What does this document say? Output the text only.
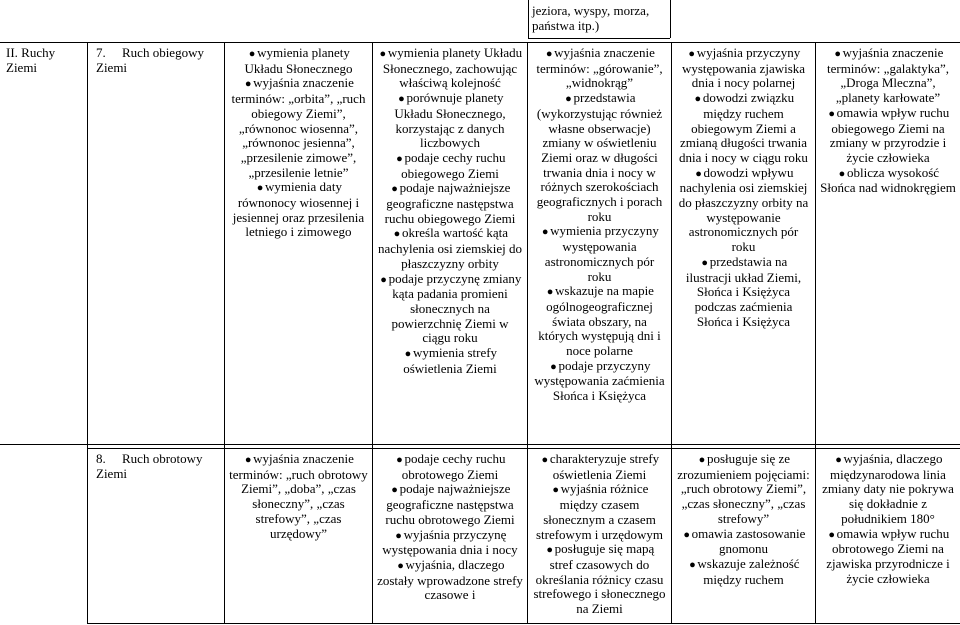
jeziora, wyspy, morza, państwa itp.)
II. Ruchy Ziemi
7. Ruch obiegowy Ziemi
● wymienia planety Układu Słonecznego
● wyjaśnia znaczenie terminów: „orbita”, „ruch obiegowy Ziemi”, „równonoc wiosenna”, „równonoc jesienna”, „przesilenie zimowe”, „przesilenie letnie”
● wymienia daty równonocy wiosennej i jesiennej oraz przesilenia letniego i zimowego
● wymienia planety Układu Słonecznego, zachowując właściwą kolejność
● porównuje planety Układu Słonecznego, korzystając z danych liczbowych
● podaje cechy ruchu obiegowego Ziemi
● podaje najważniejsze geograficzne następstwa ruchu obiegowego Ziemi
● określa wartość kąta nachylenia osi ziemskiej do płaszczyzny orbity
● podaje przyczynę zmiany kąta padania promieni słonecznych na powierzchnię Ziemi w ciągu roku
● wymienia strefy oświetlenia Ziemi
● wyjaśnia znaczenie terminów: „górowanie”, „widnokrąg”
● przedstawia (wykorzystując również własne obserwacje) zmiany w oświetleniu Ziemi oraz w długości trwania dnia i nocy w różnych szerokościach geograficznych i porach roku
● wymienia przyczyny występowania astronomicznych pór roku
● wskazuje na mapie ogólnogeograficznej świata obszary, na których występują dni i noce polarne
● podaje przyczyny występowania zaćmienia Słońca i Księżyca
● wyjaśnia przyczyny występowania zjawiska dnia i nocy polarnej
● dowodzi związku między ruchem obiegowym Ziemi a zmianą długości trwania dnia i nocy w ciągu roku
● dowodzi wpływu nachylenia osi ziemskiej do płaszczyzny orbity na występowanie astronomicznych pór roku
● przedstawia na ilustracji układ Ziemi, Słońca i Księżyca podczas zaćmienia Słońca i Księżyca
● wyjaśnia znaczenie terminów: „galaktyka”, „Droga Mleczna”, „planety karłowate”
● omawia wpływ ruchu obiegowego Ziemi na zmiany w przyrodzie i życie człowieka
● oblicza wysokość Słońca nad widnokręgiem
8. Ruch obrotowy Ziemi
● wyjaśnia znaczenie terminów: „ruch obrotowy Ziemi”, „doba”, „czas słoneczny”, „czas strefowy”, „czas urzędowy”
● podaje cechy ruchu obrotowego Ziemi
● podaje najważniejsze geograficzne następstwa ruchu obrotowego Ziemi
● wyjaśnia przyczynę występowania dnia i nocy
● wyjaśnia, dlaczego zostały wprowadzone strefy czasowe i
● charakteryzuje strefy oświetlenia Ziemi
● wyjaśnia różnice między czasem słonecznym a czasem strefowym i urzędowym
● posługuje się mapą stref czasowych do określania różnicy czasu strefowego i słonecznego na Ziemi
● posługuje się ze zrozumieniem pojęciami: „ruch obrotowy Ziemi”, „czas słoneczny”, „czas strefowy”
● omawia zastosowanie gnomonu
● wskazuje zależność między ruchem
● wyjaśnia, dlaczego międzynarodowa linia zmiany daty nie pokrywa się dokładnie z południkiem 180°
● omawia wpływ ruchu obrotowego Ziemi na zjawiska przyrodnicze i życie człowieka
